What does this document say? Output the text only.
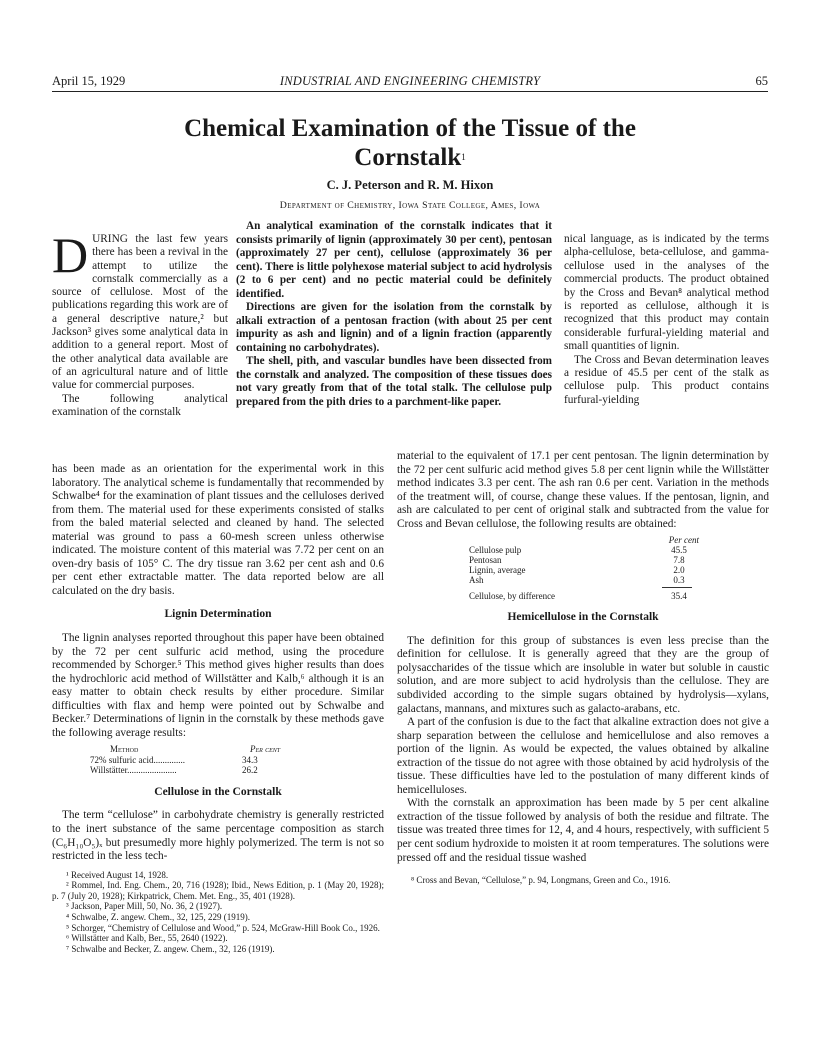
April 15, 1929	INDUSTRIAL AND ENGINEERING CHEMISTRY	65
Chemical Examination of the Tissue of the Cornstalk$^1$
C. J. Peterson and R. M. Hixon
Department of Chemistry, Iowa State College, Ames, Iowa

DURING the last few years there has been a revival in the attempt to utilize the cornstalk commercially as a source of cellulose. Most of the publications regarding this work are of a general descriptive nature,² but Jackson³ gives some analytical data in addition to a general report. Most of the other analytical data available are of an agricultural nature and of little value for commercial purposes.

The following analytical examination of the cornstalk

An analytical examination of the cornstalk indicates that it consists primarily of lignin (approximately 30 per cent), pentosan (approximately 27 per cent), cellulose (approximately 36 per cent). There is little polyhexose material subject to acid hydrolysis (2 to 6 per cent) and no pectic material could be definitely identified.

Directions are given for the isolation from the cornstalk by alkali extraction of a pentosan fraction (with about 25 per cent impurity as ash and lignin) and of a lignin fraction (apparently containing no carbohydrates).

The shell, pith, and vascular bundles have been dissected from the cornstalk and analyzed. The composition of these tissues does not vary greatly from that of the total stalk. The cellulose pulp prepared from the pith dries to a parchment-like paper.

nical language, as is indicated by the terms alpha-cellulose, beta-cellulose, and gamma-cellulose used in the analyses of the commercial products. The product obtained by the Cross and Bevan⁸ analytical method is reported as cellulose, although it is recognized that this product may contain considerable furfural-yielding material and small quantities of lignin.

The Cross and Bevan determination leaves a residue of 45.5 per cent of the stalk as cellulose pulp. This product contains furfural-yielding

has been made as an orientation for the experimental work in this laboratory. The analytical scheme is fundamentally that recommended by Schwalbe⁴ for the examination of plant tissues and the celluloses derived from them. The material used for these experiments consisted of stalks from the baled material selected and cleaned by hand. The selected material was ground to pass a 60-mesh screen unless otherwise indicated. The moisture content of this material was 7.72 per cent on an oven-dry basis of 105° C. The dry tissue ran 3.62 per cent ash and 0.6 per cent ether extractable matter. The data reported below are all calculated on the dry basis.

Lignin Determination

The lignin analyses reported throughout this paper have been obtained by the 72 per cent sulfuric acid method, using the procedure recommended by Schorger.⁵ This method gives higher results than does the hydrochloric acid method of Willstätter and Kalb,⁶ although it is an easy matter to obtain check results by either procedure. Similar difficulties with flax and hemp were pointed out by Schwalbe and Becker.⁷ Determinations of lignin in the cornstalk by these methods gave the following average results:

Method	Per cent
72% sulfuric acid..............	34.3
Willstätter......................	26.2
Cellulose in the Cornstalk

The term “cellulose” in carbohydrate chemistry is generally restricted to the inert substance of the same percentage composition as starch (C₆H₁₀O₅)ₓ but presumedly more highly polymerized. The term is not so restricted in the less tech-

¹ Received August 14, 1928.
² Rommel, Ind. Eng. Chem., 20, 716 (1928); Ibid., News Edition, p. 1 (May 20, 1928); p. 7 (July 20, 1928); Kirkpatrick, Chem. Met. Eng., 35, 401 (1928).
³ Jackson, Paper Mill, 50, No. 36, 2 (1927).
⁴ Schwalbe, Z. angew. Chem., 32, 125, 229 (1919).
⁵ Schorger, “Chemistry of Cellulose and Wood,” p. 524, McGraw-Hill Book Co., 1926.
⁶ Willstätter and Kalb, Ber., 55, 2640 (1922).
⁷ Schwalbe and Becker, Z. angew. Chem., 32, 126 (1919).

material to the equivalent of 17.1 per cent pentosan. The lignin determination by the 72 per cent sulfuric acid method gives 5.8 per cent lignin while the Willstätter method indicates 3.3 per cent. The ash ran 0.6 per cent. Variation in the methods of the treatment will, of course, change these values. If the pentosan, lignin, and ash are calculated to per cent of original stalk and subtracted from the value for Cross and Bevan cellulose, the following results are obtained:

Per cent
Cellulose pulp	45.5
Pentosan	7.8
Lignin, average	2.0
Ash	0.3
Cellulose, by difference	35.4
Hemicellulose in the Cornstalk

The definition for this group of substances is even less precise than the definition for cellulose. It is generally agreed that they are the group of polysaccharides of the tissue which are insoluble in water but soluble in caustic solution, and are more subject to acid hydrolysis than the cellulose. They are subdivided according to the simple sugars obtained by hydrolysis—xylans, galactans, mannans, and mixtures such as galacto-arabans, etc.

A part of the confusion is due to the fact that alkaline extraction does not give a sharp separation between the cellulose and hemicellulose and also removes a portion of the lignin. As would be expected, the values obtained by alkaline extraction of the tissue do not agree with those obtained by acid hydrolysis of the tissue. These difficulties have led to the postulation of many different kinds of hemicelluloses.

With the cornstalk an approximation has been made by 5 per cent alkaline extraction of the tissue followed by analysis of both the residue and filtrate. The tissue was treated three times for 12, 4, and 4 hours, respectively, with sufficient 5 per cent sodium hydroxide to moisten it at room temperatures. The solutions were pressed off and the residual tissue washed

⁸ Cross and Bevan, “Cellulose,” p. 94, Longmans, Green and Co., 1916.
